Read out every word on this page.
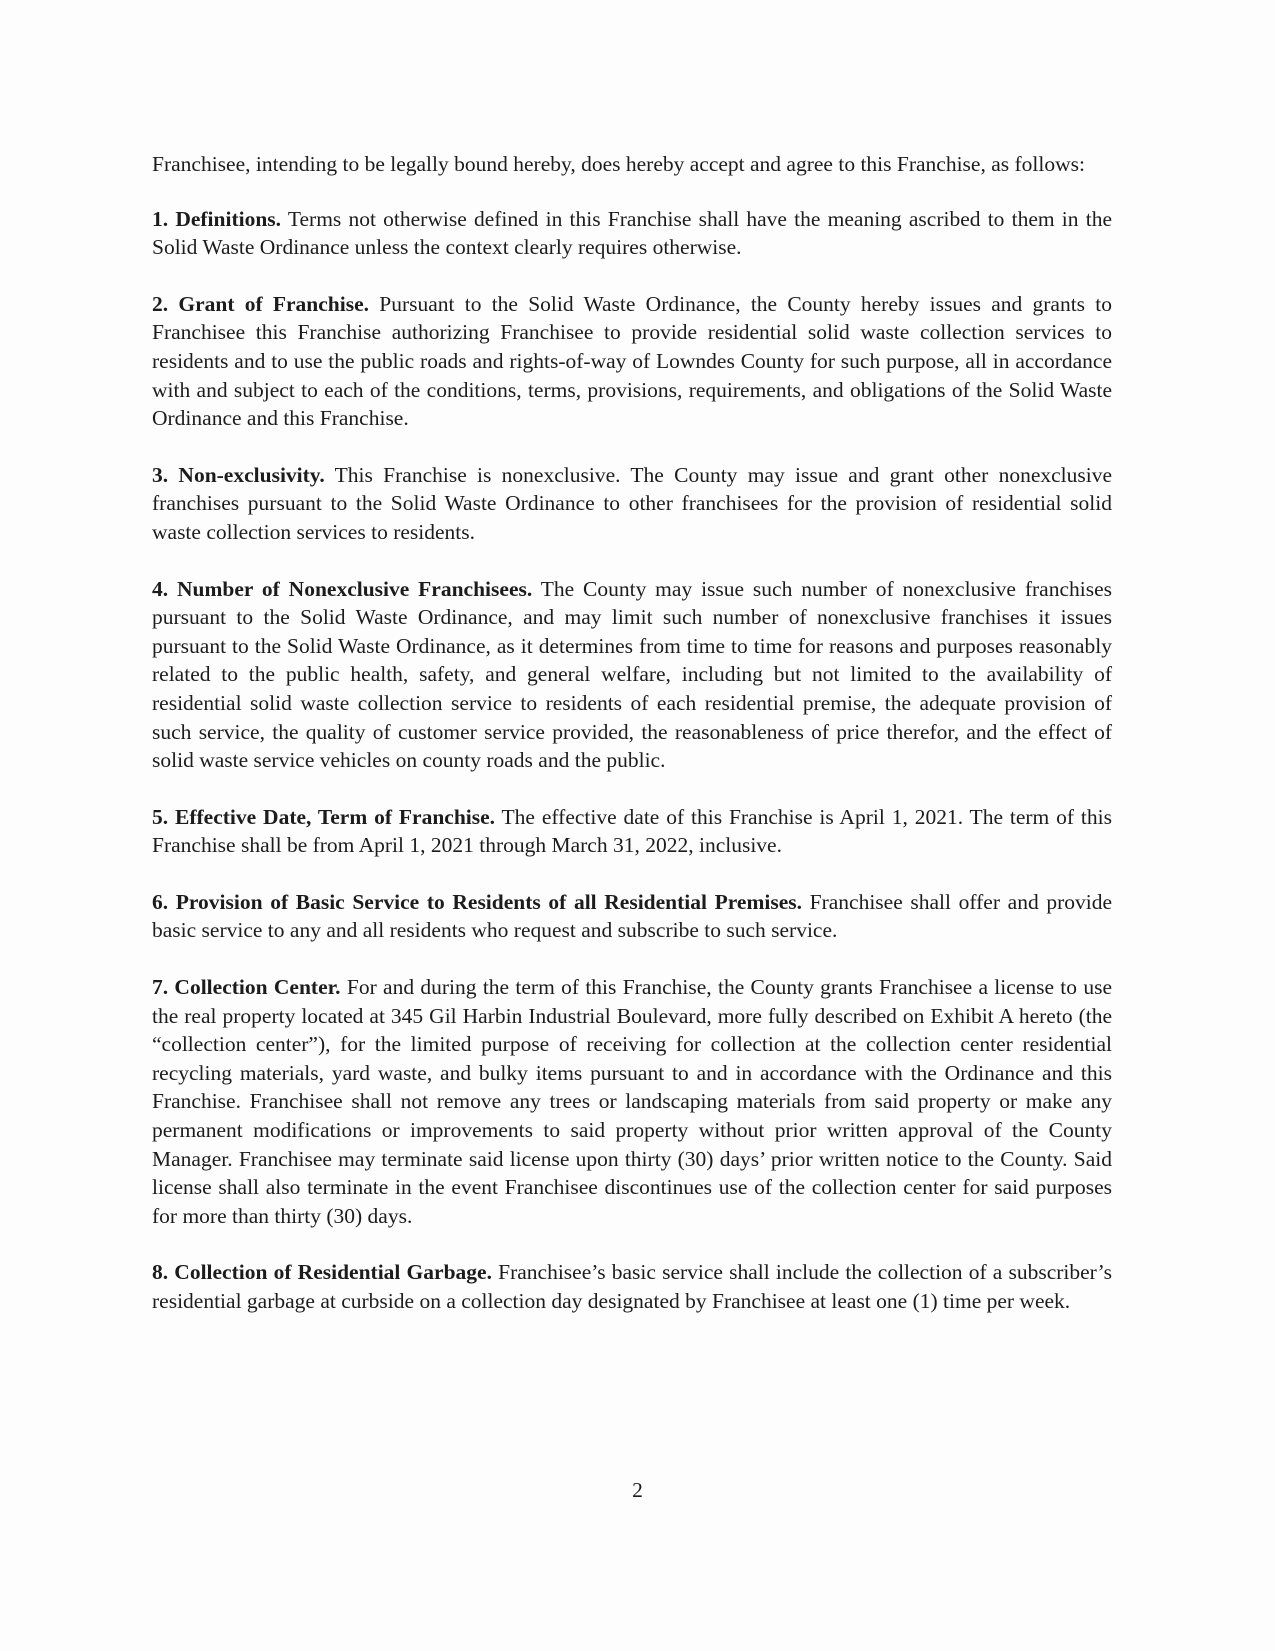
Franchisee, intending to be legally bound hereby, does hereby accept and agree to this Franchise, as follows:

1. Definitions. Terms not otherwise defined in this Franchise shall have the meaning ascribed to them in the Solid Waste Ordinance unless the context clearly requires otherwise.

2. Grant of Franchise. Pursuant to the Solid Waste Ordinance, the County hereby issues and grants to Franchisee this Franchise authorizing Franchisee to provide residential solid waste collection services to residents and to use the public roads and rights-of-way of Lowndes County for such purpose, all in accordance with and subject to each of the conditions, terms, provisions, requirements, and obligations of the Solid Waste Ordinance and this Franchise.

3. Non-exclusivity. This Franchise is nonexclusive. The County may issue and grant other nonexclusive franchises pursuant to the Solid Waste Ordinance to other franchisees for the provision of residential solid waste collection services to residents.

4. Number of Nonexclusive Franchisees. The County may issue such number of nonexclusive franchises pursuant to the Solid Waste Ordinance, and may limit such number of nonexclusive franchises it issues pursuant to the Solid Waste Ordinance, as it determines from time to time for reasons and purposes reasonably related to the public health, safety, and general welfare, including but not limited to the availability of residential solid waste collection service to residents of each residential premise, the adequate provision of such service, the quality of customer service provided, the reasonableness of price therefor, and the effect of solid waste service vehicles on county roads and the public.

5. Effective Date, Term of Franchise. The effective date of this Franchise is April 1, 2021. The term of this Franchise shall be from April 1, 2021 through March 31, 2022, inclusive.

6. Provision of Basic Service to Residents of all Residential Premises. Franchisee shall offer and provide basic service to any and all residents who request and subscribe to such service.

7. Collection Center. For and during the term of this Franchise, the County grants Franchisee a license to use the real property located at 345 Gil Harbin Industrial Boulevard, more fully described on Exhibit A hereto (the “collection center”), for the limited purpose of receiving for collection at the collection center residential recycling materials, yard waste, and bulky items pursuant to and in accordance with the Ordinance and this Franchise. Franchisee shall not remove any trees or landscaping materials from said property or make any permanent modifications or improvements to said property without prior written approval of the County Manager. Franchisee may terminate said license upon thirty (30) days’ prior written notice to the County. Said license shall also terminate in the event Franchisee discontinues use of the collection center for said purposes for more than thirty (30) days.

8. Collection of Residential Garbage. Franchisee’s basic service shall include the collection of a subscriber’s residential garbage at curbside on a collection day designated by Franchisee at least one (1) time per week.

2
